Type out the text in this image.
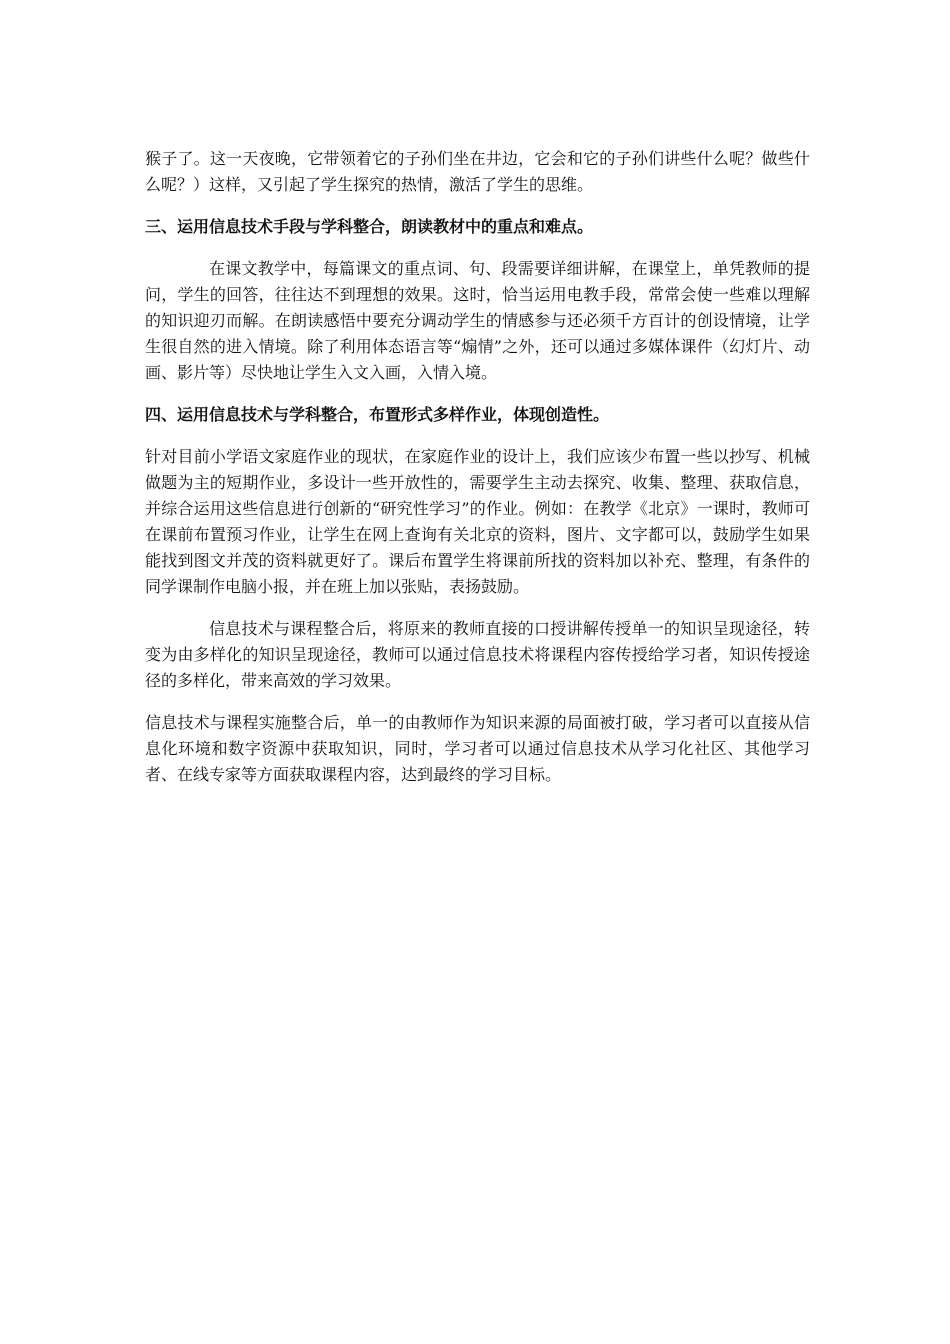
猴子了。这一天夜晚，它带领着它的子孙们坐在井边，它会和它的子孙们讲些什么呢？做些什么呢？）这样，又引起了学生探究的热情，激活了学生的思维。

三、运用信息技术手段与学科整合，朗读教材中的重点和难点。

在课文教学中，每篇课文的重点词、句、段需要详细讲解，在课堂上，单凭教师的提问，学生的回答，往往达不到理想的效果。这时，恰当运用电教手段，常常会使一些难以理解的知识迎刃而解。在朗读感悟中要充分调动学生的情感参与还必须千方百计的创设情境，让学生很自然的进入情境。除了利用体态语言等“煽情”之外，还可以通过多媒体课件（幻灯片、动画、影片等）尽快地让学生入文入画，入情入境。

四、运用信息技术与学科整合，布置形式多样作业，体现创造性。

针对目前小学语文家庭作业的现状，在家庭作业的设计上，我们应该少布置一些以抄写、机械做题为主的短期作业，多设计一些开放性的，需要学生主动去探究、收集、整理、获取信息，并综合运用这些信息进行创新的“研究性学习”的作业。例如：在教学《北京》一课时，教师可在课前布置预习作业，让学生在网上查询有关北京的资料，图片、文字都可以，鼓励学生如果能找到图文并茂的资料就更好了。课后布置学生将课前所找的资料加以补充、整理，有条件的同学课制作电脑小报，并在班上加以张贴，表扬鼓励。

信息技术与课程整合后，将原来的教师直接的口授讲解传授单一的知识呈现途径，转变为由多样化的知识呈现途径，教师可以通过信息技术将课程内容传授给学习者，知识传授途径的多样化，带来高效的学习效果。

信息技术与课程实施整合后，单一的由教师作为知识来源的局面被打破，学习者可以直接从信息化环境和数字资源中获取知识，同时，学习者可以通过信息技术从学习化社区、其他学习者、在线专家等方面获取课程内容，达到最终的学习目标。
